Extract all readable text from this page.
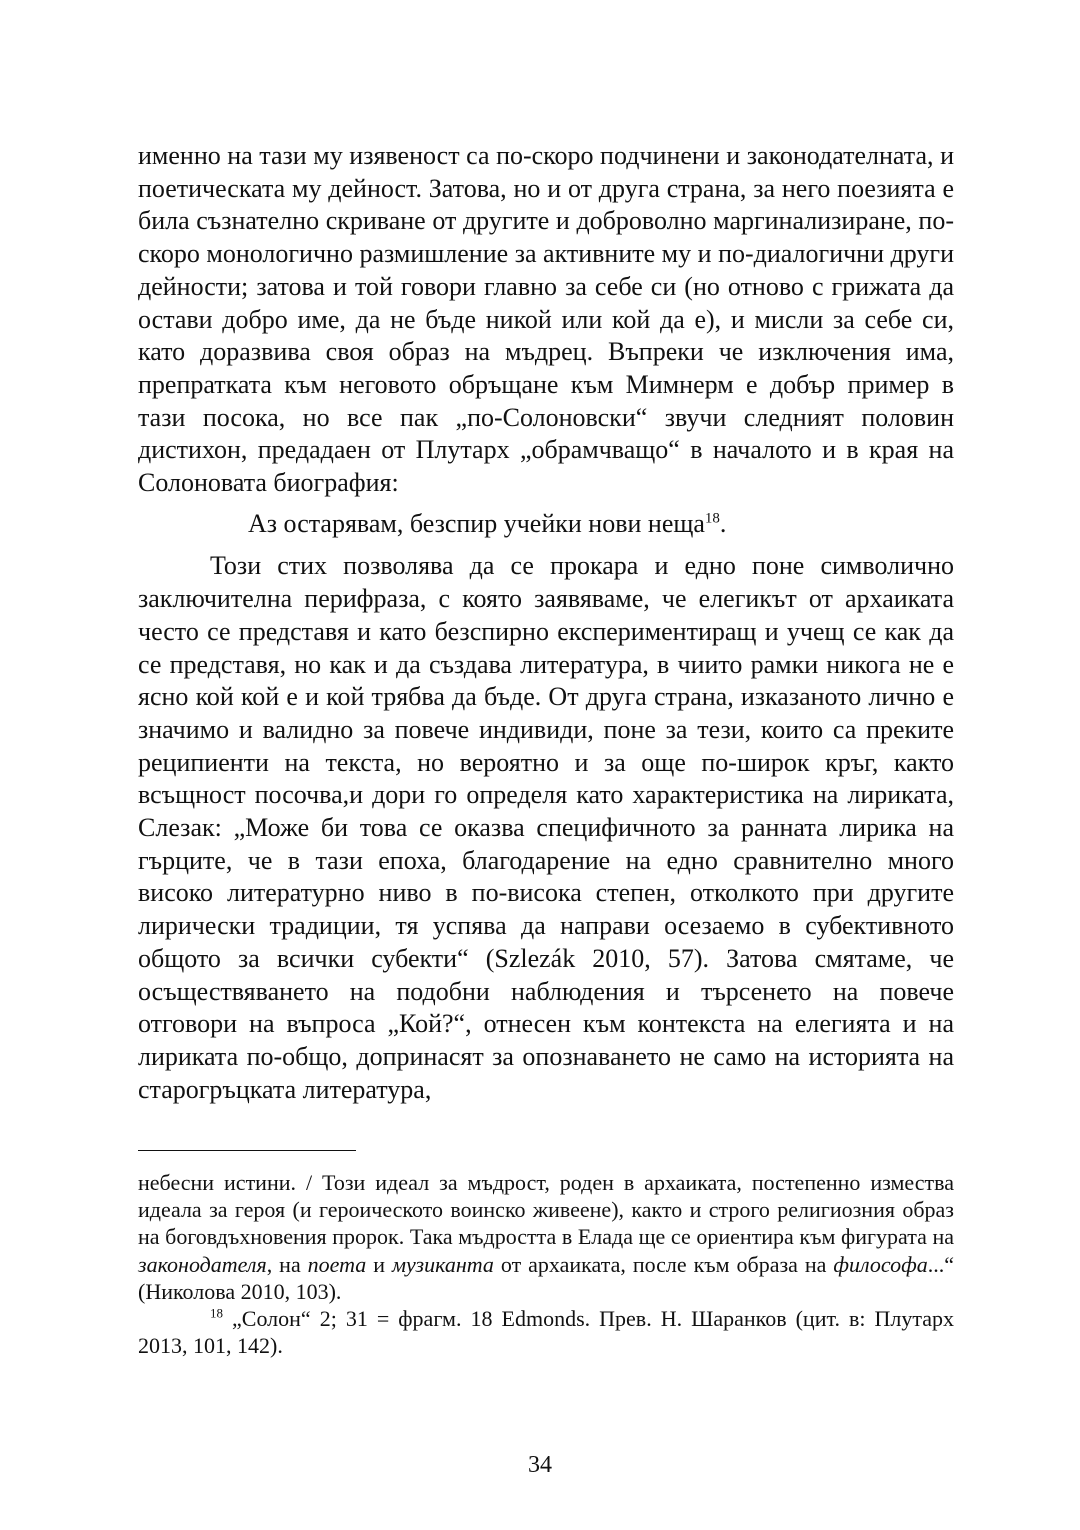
именно на тази му изявеност са по-скоро подчинени и законодателната, и поетическата му дейност. Затова, но и от друга страна, за него поезията е била съзнателно скриване от другите и доброволно маргинализиране, по-скоро монологично размишление за активните му и по-диалогични други дейности; затова и той говори главно за себе си (но отново с грижата да остави добро име, да не бъде никой или кой да е), и мисли за себе си, като доразвива своя образ на мъдрец. Въпреки че изключения има, препратката към неговото обръщане към Мимнерм е добър пример в тази посока, но все пак „по-Солоновски“ звучи следният половин дистихон, предадаен от Плутарх „обрамчващо“ в началото и в края на Солоновата биография:

Аз остарявам, безспир учейки нови неща$^{18}$.

Този стих позволява да се прокара и едно поне символично заключителна перифраза, с която заявяваме, че елегикът от архаиката често се представя и като безспирно експериментиращ и учещ се как да се представя, но как и да създава литература, в чиито рамки никога не е ясно кой кой е и кой трябва да бъде. От друга страна, изказаното лично е значимо и валидно за повече индивиди, поне за тези, които са преките реципиенти на текста, но вероятно и за още по-широк кръг, както всъщност посочва,и дори го определя като характеристика на лириката, Слезак: „Може би това се оказва специфичното за ранната лирика на гърците, че в тази епоха, благодарение на едно сравнително много високо литературно ниво в по-висока степен, отколкото при другите лирически традиции, тя успява да направи осезаемо в субективното общото за всички субекти“ (Szlezák 2010, 57). Затова смятаме, че осъществяването на подобни наблюдения и търсенето на повече отговори на въпроса „Кой?“, отнесен към контекста на елегията и на лириката по-общо, допринасят за опознаването не само на историята на старогръцката литература,

небесни истини. / Този идеал за мъдрост, роден в архаиката, постепенно измества идеала за героя (и героическото воинско живеене), както и строго религиозния образ на боговдъхновения пророк. Така мъдростта в Елада ще се ориентира към фигурата на законодателя, на поета и музиканта от архаиката, после към образа на философа...“ (Николова 2010, 103).

$^{18}$ „Солон“ 2; 31 = фрагм. 18 Edmonds. Прев. Н. Шаранков (цит. в: Плутарх 2013, 101, 142).

34
